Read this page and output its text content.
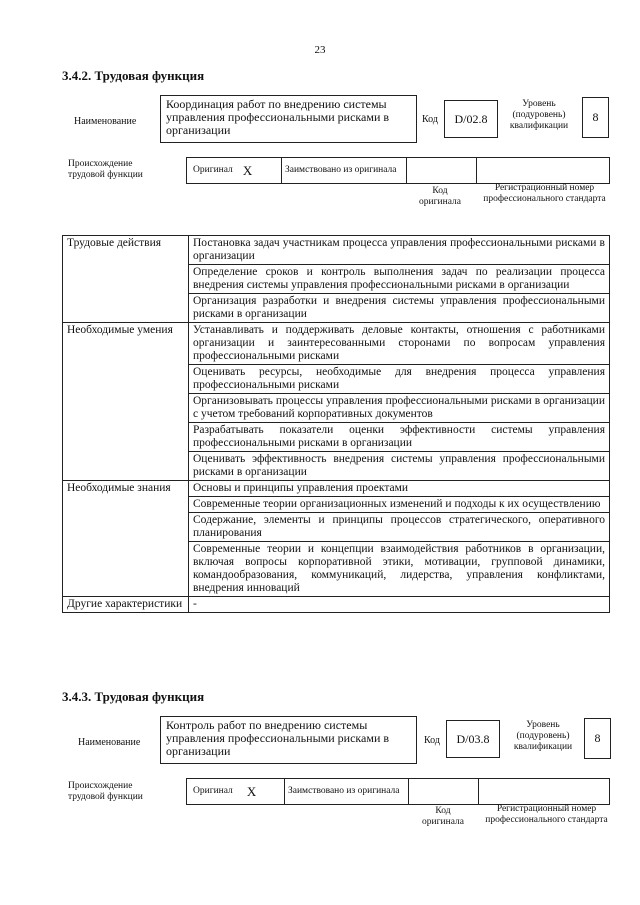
23
3.4.2. Трудовая функция
Наименование
Координация работ по внедрению системы управления профессиональными рисками в организации
Код D/02.8
Уровень (подуровень) квалификации
8
Происхождение трудовой функции	Оригинал X	Заимствовано из оригинала
Код оригинала
Регистрационный номер профессионального стандарта
Трудовые действия	Постановка задач участникам процесса управления профессиональными рисками в организации
	Определение сроков и контроль выполнения задач по реализации процесса внедрения системы управления профессиональными рисками в организации
	Организация разработки и внедрения системы управления профессиональными рисками в организации
Необходимые умения	Устанавливать и поддерживать деловые контакты, отношения с работниками организации и заинтересованными сторонами по вопросам управления профессиональными рисками
	Оценивать ресурсы, необходимые для внедрения процесса управления профессиональными рисками
	Организовывать процессы управления профессиональными рисками в организации с учетом требований корпоративных документов
	Разрабатывать показатели оценки эффективности системы управления профессиональными рисками в организации
	Оценивать эффективность внедрения системы управления профессиональными рисками в организации
Необходимые знания	Основы и принципы управления проектами
	Современные теории организационных изменений и подходы к их осуществлению
	Содержание, элементы и принципы процессов стратегического, оперативного планирования
	Современные теории и концепции взаимодействия работников в организации, включая вопросы корпоративной этики, мотивации, групповой динамики, командообразования, коммуникаций, лидерства, управления конфликтами, внедрения инноваций
Другие характеристики	-
3.4.3. Трудовая функция
Наименование
Контроль работ по внедрению системы управления профессиональными рисками в организации
Код D/03.8
Уровень (подуровень) квалификации
8
Происхождение трудовой функции
Оригинал X	Заимствовано из оригинала
Код оригинала
Регистрационный номер профессионального стандарта
